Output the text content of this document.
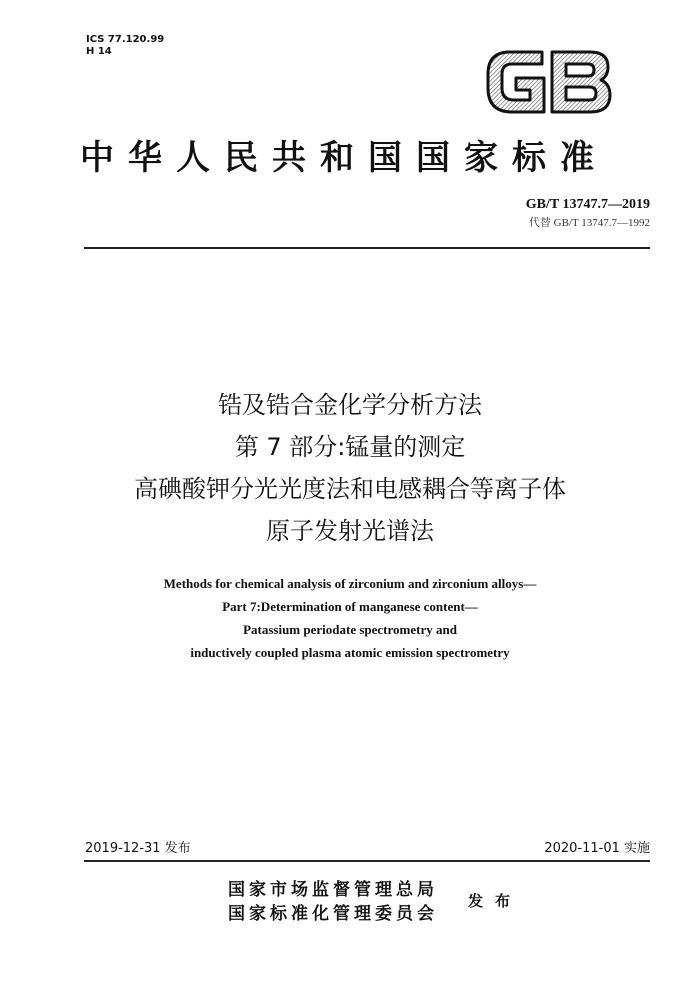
ICS 77.120.99
H 14
中华人民共和国国家标准
GB/T 13747.7—2019
代替 GB/T 13747.7—1992
锆及锆合金化学分析方法
第 7 部分:锰量的测定
高碘酸钾分光光度法和电感耦合等离子体
原子发射光谱法
Methods for chemical analysis of zirconium and zirconium alloys—
Part 7:Determination of manganese content—
Patassium periodate spectrometry and
inductively coupled plasma atomic emission spectrometry
2019-12-31 发布	2020-11-01 实施
国家市场监督管理总局
国家标准化管理委员会
发布
